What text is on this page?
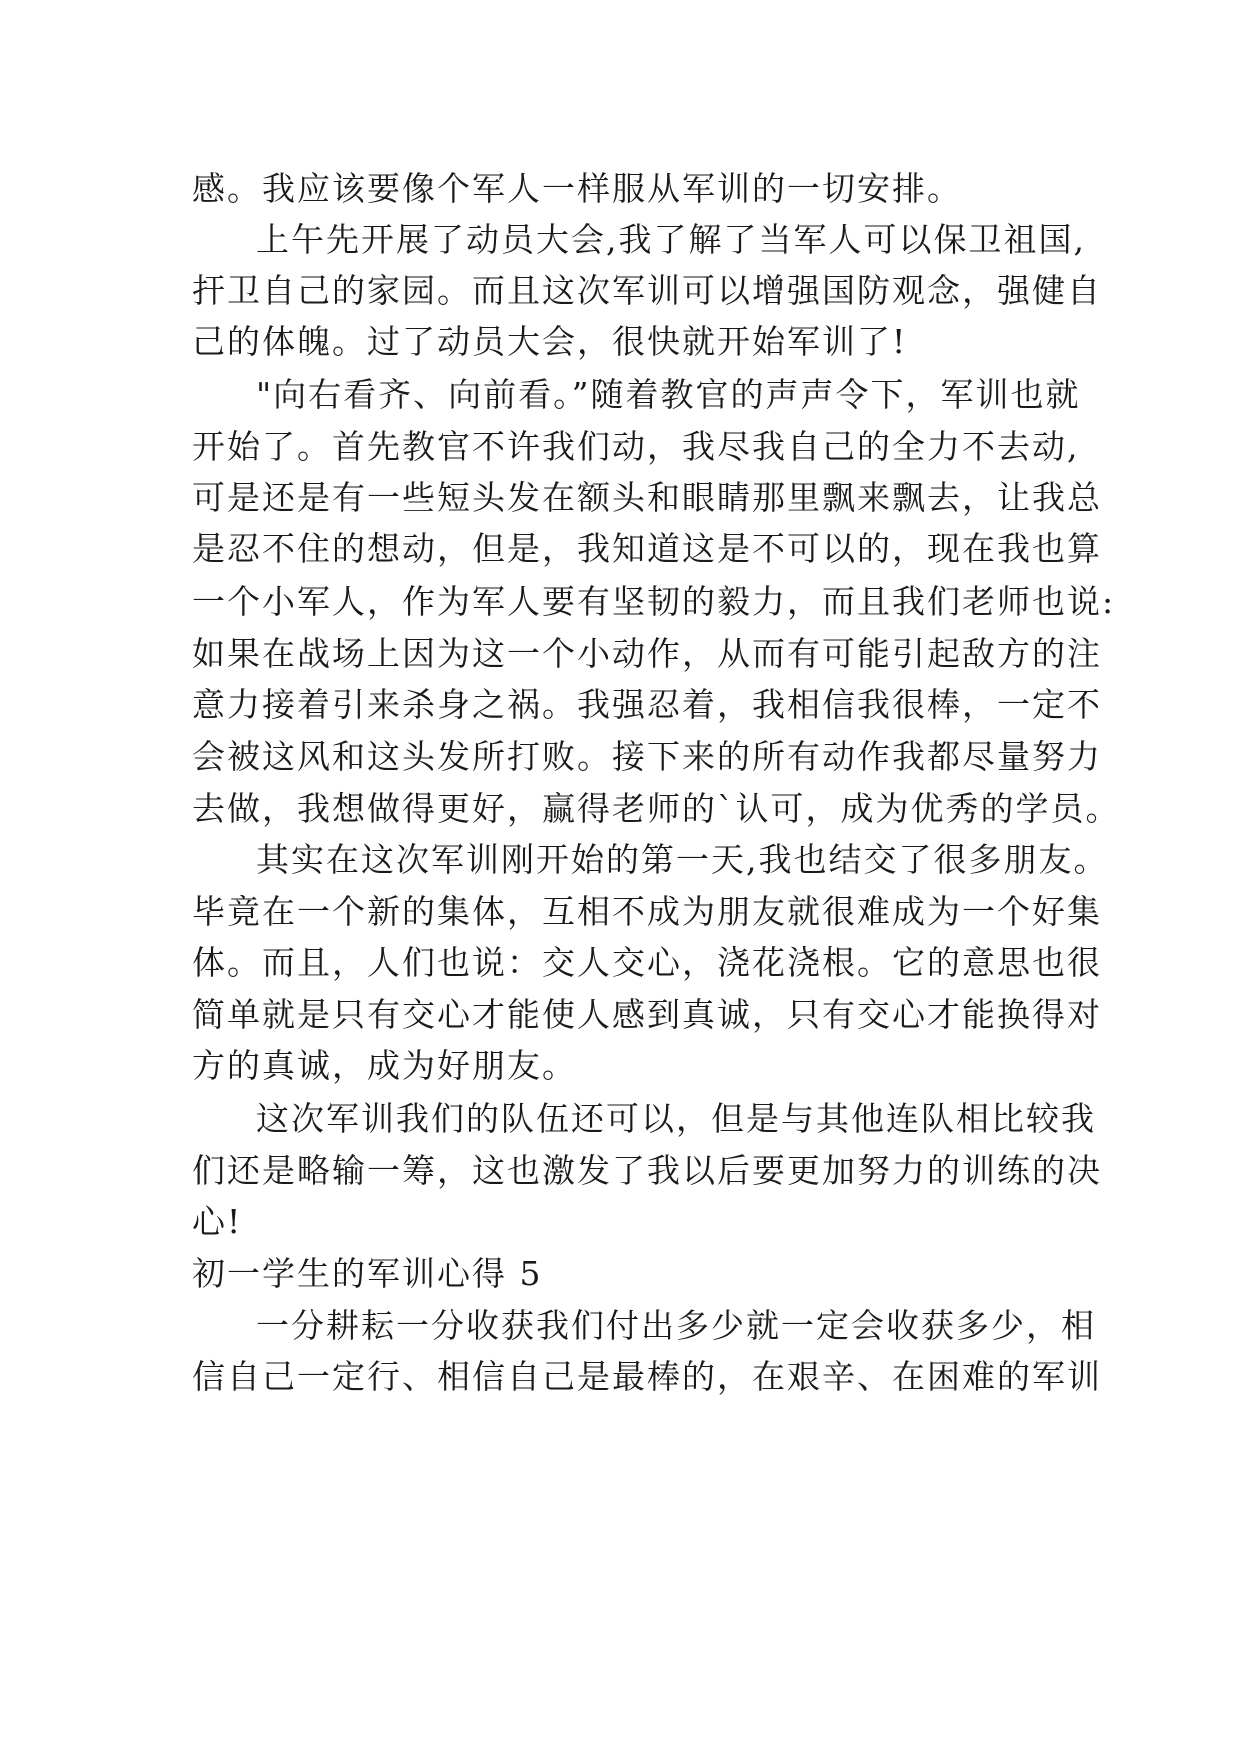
感。我应该要像个军人一样服从军训的一切安排。
上午先开展了动员大会,我了解了当军人可以保卫祖国,
扞卫自己的家园。而且这次军训可以增强国防观念，强健自
己的体魄。过了动员大会，很快就开始军训了!
"向右看齐、向前看。”随着教官的声声令下，军训也就
开始了。首先教官不许我们动，我尽我自己的全力不去动,
可是还是有一些短头发在额头和眼睛那里飘来飘去，让我总
是忍不住的想动，但是，我知道这是不可以的，现在我也算
一个小军人，作为军人要有坚韧的毅力，而且我们老师也说:
如果在战场上因为这一个小动作，从而有可能引起敌方的注
意力接着引来杀身之祸。我强忍着，我相信我很棒，一定不
会被这风和这头发所打败。接下来的所有动作我都尽量努力
去做，我想做得更好，赢得老师的`认可，成为优秀的学员。
其实在这次军训刚开始的第一天,我也结交了很多朋友。
毕竟在一个新的集体，互相不成为朋友就很难成为一个好集
体。而且，人们也说：交人交心，浇花浇根。它的意思也很
简单就是只有交心才能使人感到真诚，只有交心才能换得对
方的真诚，成为好朋友。
这次军训我们的队伍还可以，但是与其他连队相比较我
们还是略输一筹，这也激发了我以后要更加努力的训练的决
心!
初一学生的军训心得 5
一分耕耘一分收获我们付出多少就一定会收获多少，相
信自己一定行、相信自己是最棒的，在艰辛、在困难的军训
